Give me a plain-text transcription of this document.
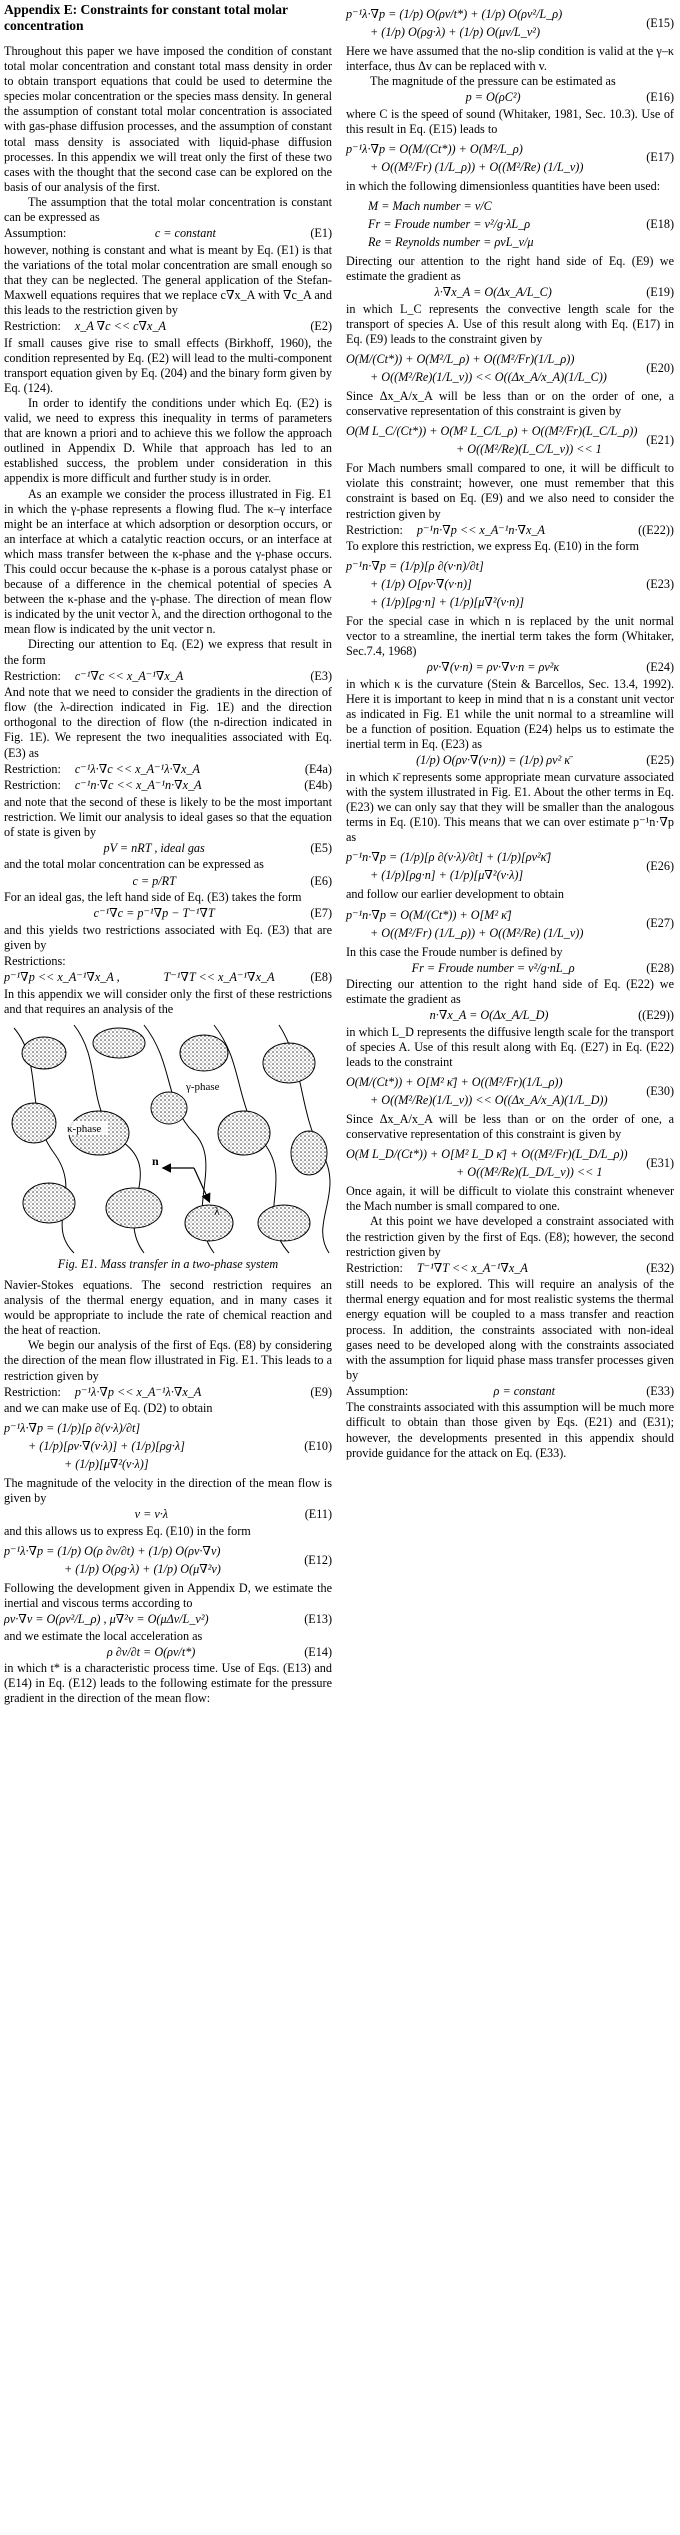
Appendix E: Constraints for constant total molar concentration

Throughout this paper we have imposed the condition of constant total molar concentration and constant total mass density in order to obtain transport equations that could be used to determine the species molar concentration or the species mass density. In general the assumption of constant total molar concentration is associated with gas-phase diffusion processes, and the assumption of constant total mass density is associated with liquid-phase diffusion processes. In this appendix we will treat only the first of these two cases with the thought that the second case can be explored on the basis of our analysis of the first.

The assumption that the total molar concentration is constant can be expressed as

Assumption:	c = constant	(E1)

however, nothing is constant and what is meant by Eq. (E1) is that the variations of the total molar concentration are small enough so that they can be neglected. The general application of the Stefan-Maxwell equations requires that we replace c∇x_A with ∇c_A and this leads to the restriction given by

Restriction:	x_A ∇c << c∇x_A	(E2)

If small causes give rise to small effects (Birkhoff, 1960), the condition represented by Eq. (E2) will lead to the multi-component transport equation given by Eq. (204) and the binary form given by Eq. (124).

In order to identify the conditions under which Eq. (E2) is valid, we need to express this inequality in terms of parameters that are known a priori and to achieve this we follow the approach outlined in Appendix D. While that approach has led to an established success, the problem under consideration in this appendix is more difficult and further study is in order.

As an example we consider the process illustrated in Fig. E1 in which the γ-phase represents a flowing flud. The κ–γ interface might be an interface at which adsorption or desorption occurs, or an interface at which a catalytic reaction occurs, or an interface at which mass transfer between the κ-phase and the γ-phase occurs. This could occur because the κ-phase is a porous catalyst phase or because of a difference in the chemical potential of species A between the κ-phase and the γ-phase. The direction of mean flow is indicated by the unit vector λ, and the direction orthogonal to the mean flow is indicated by the unit vector n.

Directing our attention to Eq. (E2) we express that result in the form

Restriction:	c⁻¹∇c << x_A⁻¹∇x_A	(E3)

And note that we need to consider the gradients in the direction of flow (the λ-direction indicated in Fig. 1E) and the direction orthogonal to the direction of flow (the n-direction indicated in Fig. 1E). We represent the two inequalities associated with Eq. (E3) as

Restriction:	c⁻¹λ·∇c << x_A⁻¹λ·∇x_A	(E4a)
Restriction:	c⁻¹n·∇c << x_A⁻¹n·∇x_A	(E4b)

and note that the second of these is likely to be the most important restriction. We limit our analysis to ideal gases so that the equation of state is given by

pV = nRT , ideal gas	(E5)

and the total molar concentration can be expressed as

c = p/RT	(E6)

For an ideal gas, the left hand side of Eq. (E3) takes the form

c⁻¹∇c = p⁻¹∇p − T⁻¹∇T	(E7)

and this yields two restrictions associated with Eq. (E3) that are given by

Restrictions:
p⁻¹∇p << x_A⁻¹∇x_A ,	T⁻¹∇T << x_A⁻¹∇x_A	(E8)

In this appendix we will consider only the first of these restrictions and that requires an analysis of the

γ-phase
κ-phase
n
λ
Fig. E1. Mass transfer in a two-phase system

Navier-Stokes equations. The second restriction requires an analysis of the thermal energy equation, and in many cases it would be appropriate to include the rate of chemical reaction and the heat of reaction.

We begin our analysis of the first of Eqs. (E8) by considering the direction of the mean flow illustrated in Fig. E1. This leads to a restriction given by

Restriction:	p⁻¹λ·∇p << x_A⁻¹λ·∇x_A	(E9)

and we can make use of Eq. (D2) to obtain

p⁻¹λ·∇p = (1/p)[ρ ∂(v·λ)/∂t]
+ (1/p)[ρv·∇(v·λ)] + (1/p)[ρg·λ]
+ (1/p)[μ∇²(v·λ)]
(E10)

The magnitude of the velocity in the direction of the mean flow is given by

v = v·λ	(E11)

and this allows us to express Eq. (E10) in the form

p⁻¹λ·∇p = (1/p) O(ρ ∂v/∂t) + (1/p) O(ρv·∇v)
+ (1/p) O(ρg·λ) + (1/p) O(μ∇²v)
(E12)

Following the development given in Appendix D, we estimate the inertial and viscous terms according to

ρv·∇v = O(ρv²/L_ρ) , μ∇²v = O(μΔv/L_v²)	(E13)

and we estimate the local acceleration as

ρ ∂v/∂t = O(ρv/t*)	(E14)

in which t* is a characteristic process time. Use of Eqs. (E13) and (E14) in Eq. (E12) leads to the following estimate for the pressure gradient in the direction of the mean flow:

p⁻¹λ·∇p = (1/p) O(ρv/t*) + (1/p) O(ρv²/L_ρ)
+ (1/p) O(ρg·λ) + (1/p) O(μv/L_v²)
(E15)

Here we have assumed that the no-slip condition is valid at the γ–κ interface, thus Δv can be replaced with v.

The magnitude of the pressure can be estimated as

p = O(ρC²)	(E16)

where C is the speed of sound (Whitaker, 1981, Sec. 10.3). Use of this result in Eq. (E15) leads to

p⁻¹λ·∇p = O(M/(Ct*)) + O(M²/L_ρ)
+ O((M²/Fr) (1/L_ρ)) + O((M²/Re) (1/L_v))
(E17)

in which the following dimensionless quantities have been used:

M = Mach number = v/C
Fr = Froude number = v²/g·λL_ρ
Re = Reynolds number = ρvL_v/μ
(E18)

Directing our attention to the right hand side of Eq. (E9) we estimate the gradient as

λ·∇x_A = O(Δx_A/L_C)	(E19)

in which L_C represents the convective length scale for the transport of species A. Use of this result along with Eq. (E17) in Eq. (E9) leads to the constraint given by

O(M/(Ct*)) + O(M²/L_ρ) + O((M²/Fr)(1/L_ρ))
+ O((M²/Re)(1/L_v)) << O((Δx_A/x_A)(1/L_C))
(E20)

Since Δx_A/x_A will be less than or on the order of one, a conservative representation of this constraint is given by

O(M L_C/(Ct*)) + O(M² L_C/L_ρ) + O((M²/Fr)(L_C/L_ρ))
+ O((M²/Re)(L_C/L_v)) << 1
(E21)

For Mach numbers small compared to one, it will be difficult to violate this constraint; however, one must remember that this constraint is based on Eq. (E9) and we also need to consider the restriction given by

Restriction:	p⁻¹n·∇p << x_A⁻¹n·∇x_A	((E22))

To explore this restriction, we express Eq. (E10) in the form

p⁻¹n·∇p = (1/p)[ρ ∂(v·n)/∂t]
+ (1/p) O[ρv·∇(v·n)]
+ (1/p)[ρg·n] + (1/p)[μ∇²(v·n)]
(E23)

For the special case in which n is replaced by the unit normal vector to a streamline, the inertial term takes the form (Whitaker, Sec.7.4, 1968)

ρv·∇(v·n) = ρv·∇v·n = ρv²κ	(E24)

in which κ is the curvature (Stein & Barcellos, Sec. 13.4, 1992). Here it is important to keep in mind that n is a constant unit vector as indicated in Fig. E1 while the unit normal to a streamline will be a function of position. Equation (E24) helps us to estimate the inertial term in Eq. (E23) as

(1/p) O(ρv·∇(v·n)) = (1/p) ρv² κ̄	(E25)

in which κ̄ represents some appropriate mean curvature associated with the system illustrated in Fig. E1. About the other terms in Eq. (E23) we can only say that they will be smaller than the analogous terms in Eq. (E10). This means that we can over estimate p⁻¹n·∇p as

p⁻¹n·∇p = (1/p)[ρ ∂(v·λ)/∂t] + (1/p)[ρv²κ̄]
+ (1/p)[ρg·n] + (1/p)[μ∇²(v·λ)]
(E26)

and follow our earlier development to obtain

p⁻¹n·∇p = O(M/(Ct*)) + O[M² κ̄]
+ O((M²/Fr) (1/L_ρ)) + O((M²/Re) (1/L_v))
(E27)

In this case the Froude number is defined by

Fr = Froude number = v²/g·nL_ρ	(E28)

Directing our attention to the right hand side of Eq. (E22) we estimate the gradient as

n·∇x_A = O(Δx_A/L_D)	((E29))

in which L_D represents the diffusive length scale for the transport of species A. Use of this result along with Eq. (E27) in Eq. (E22) leads to the constraint

O(M/(Ct*)) + O[M² κ̄] + O((M²/Fr)(1/L_ρ))
+ O((M²/Re)(1/L_v)) << O((Δx_A/x_A)(1/L_D))
(E30)

Since Δx_A/x_A will be less than or on the order of one, a conservative representation of this constraint is given by

O(M L_D/(Ct*)) + O[M² L_D κ̄] + O((M²/Fr)(L_D/L_ρ))
+ O((M²/Re)(L_D/L_v)) << 1
(E31)

Once again, it will be difficult to violate this constraint whenever the Mach number is small compared to one.

At this point we have developed a constraint associated with the restriction given by the first of Eqs. (E8); however, the second restriction given by

Restriction:	T⁻¹∇T << x_A⁻¹∇x_A	(E32)

still needs to be explored. This will require an analysis of the thermal energy equation and for most realistic systems the thermal energy equation will be coupled to a mass transfer and reaction process. In addition, the constraints associated with non-ideal gases need to be developed along with the constraints associated with the assumption for liquid phase mass transfer processes given by

Assumption:	ρ = constant	(E33)

The constraints associated with this assumption will be much more difficult to obtain than those given by Eqs. (E21) and (E31); however, the developments presented in this appendix should provide guidance for the attack on Eq. (E33).
